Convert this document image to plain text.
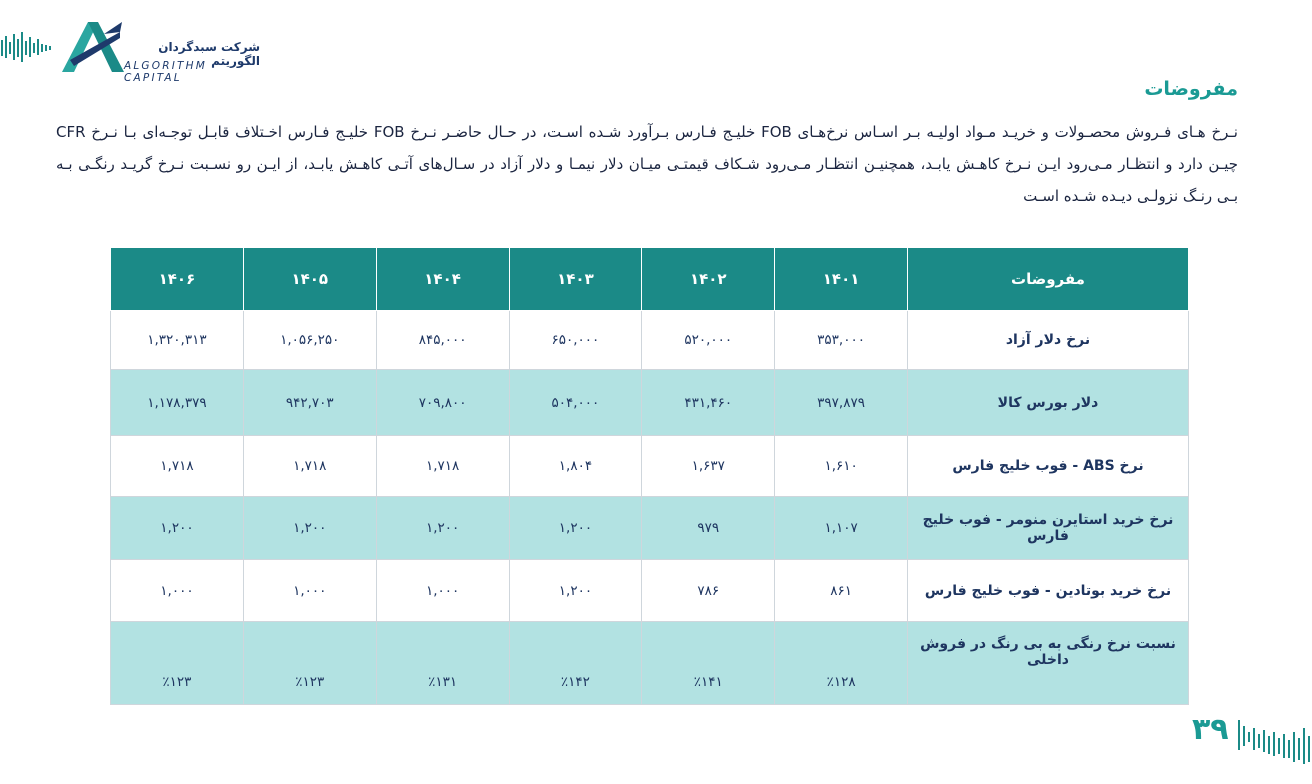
شرکت سبدگردان الگوریتم
ALGORITHM CAPITAL	مفروضات
نـرخ هـای فـروش محصـولات و خریـد مـواد اولیـه بـر اسـاس نرخ‌هـای FOB خلیـج فـارس بـرآورد شـده اسـت، در حـال حاضـر نـرخ FOB خلیـج فـارس اخـتلاف قابـل توجـه‌ای بـا نـرخ CFR چیـن دارد و انتظـار مـی‌رود ایـن نـرخ کاهـش یابـد، همچنیـن انتظـار مـی‌رود شـکاف قیمتـی میـان دلار نیمـا و دلار آزاد در سـال‌های آتـی کاهـش یابـد، از ایـن رو نسـبت نـرخ گریـد رنگـی بـه بـی رنـگ نزولـی دیـده شـده اسـت
مفروضات	۱۴۰۱	۱۴۰۲	۱۴۰۳	۱۴۰۴	۱۴۰۵	۱۴۰۶
نرخ دلار آزاد	۳۵۳,۰۰۰	۵۲۰,۰۰۰	۶۵۰,۰۰۰	۸۴۵,۰۰۰	۱,۰۵۶,۲۵۰	۱,۳۲۰,۳۱۳
دلار بورس کالا	۳۹۷,۸۷۹	۴۳۱,۴۶۰	۵۰۴,۰۰۰	۷۰۹,۸۰۰	۹۴۲,۷۰۳	۱,۱۷۸,۳۷۹
نرخ ABS - فوب خلیج فارس	۱,۶۱۰	۱,۶۳۷	۱,۸۰۴	۱,۷۱۸	۱,۷۱۸	۱,۷۱۸
نرخ خرید استایرن منومر - فوب خلیج فارس	۱,۱۰۷	۹۷۹	۱,۲۰۰	۱,۲۰۰	۱,۲۰۰	۱,۲۰۰
نرخ خرید بوتادین - فوب خلیج فارس	۸۶۱	۷۸۶	۱,۲۰۰	۱,۰۰۰	۱,۰۰۰	۱,۰۰۰
نسبت نرخ رنگی به بی رنگ در فروش داخلی	٪۱۲۸	٪۱۴۱	٪۱۴۲	٪۱۳۱	٪۱۲۳	٪۱۲۳
۳۹
